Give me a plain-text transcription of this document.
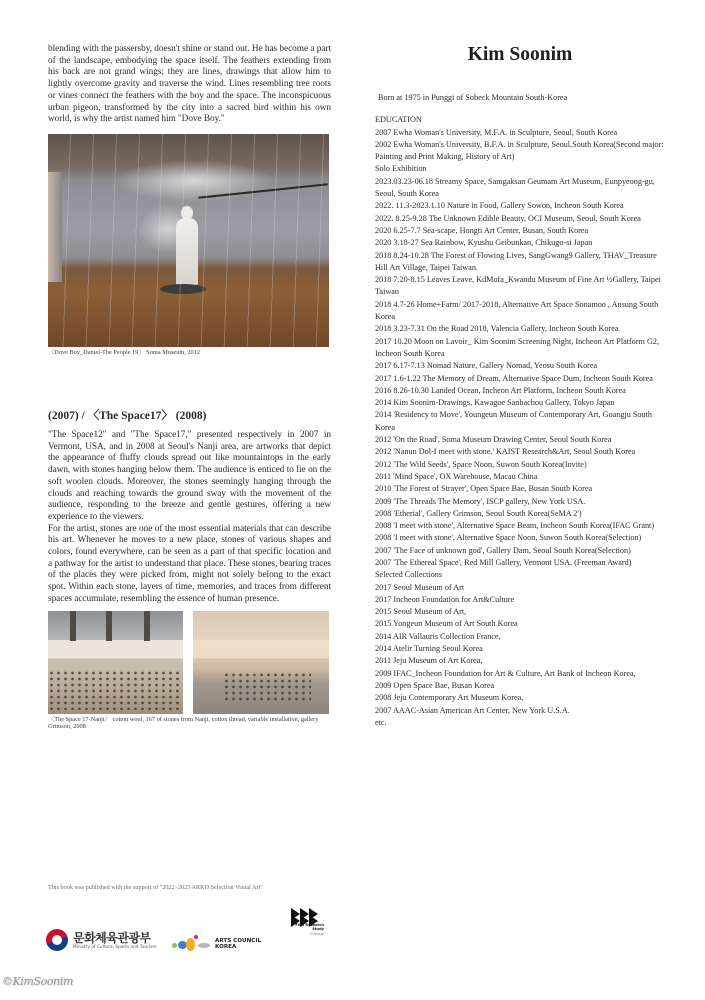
blending with the passersby, doesn't shine or stand out. He has become a part of the landscape, embodying the space itself. The feathers extending from his back are not grand wings; they are lines, drawings that allow him to lightly overcome gravity and traverse the wind. Lines resembling tree roots or vines connect the feathers with the boy and the space. The inconspicuous urban pigeon, transformed by the city into a sacred bird within his own world, is why the artist named him "Dove Boy."

〈Dove Boy_Daniel-The People 19〉 Soma Museum, 2012

(2007) / 〈The Space17〉 (2008)

"The Space12" and "The Space17," presented respectively in 2007 in Vermont, USA, and in 2008 at Seoul's Nanji area, are artworks that depict the appearance of fluffy clouds spread out like mountaintops in the early dawn, with stones hanging below them. The audience is enticed to lie on the soft woolen clouds. Moreover, the stones seemingly hanging through the clouds and reaching towards the ground sway with the movement of the audience, responding to the breeze and gentle gestures, offering a new experience to the viewers.

For the artist, stones are one of the most essential materials that can describe his art. Whenever he moves to a new place, stones of various shapes and colors, found everywhere, can be seen as a part of that specific location and a pathway for the artist to understand that place. These stones, bearing traces of the places they were picked from, might not solely belong to the exact spot. Within each stone, layers of time, memories, and traces from different spaces accumulate, resembling the essence of human presence.

〈The Space 17-Nanji〉 cotton wool, 167 of stones from Nanji, cotton thread, variable installation, gallery Grimson, 2008

This book was published with the support of "2022~2023 ARKO Selection Visual Art"

문화체육관광부
Ministry of Culture, Sports and Tourism
ARTS COUNCIL
KOREA
Film Research
Study
Critique
©KimSoonim
Kim Soonim

Born at 1975 in Punggi of Sobeck Mountain South-Korea

EDUCATION

2007 Ewha Woman's University, M.F.A. in Sculpture, Seoul, South Korea

2002 Ewha Woman's University, B.F.A. in Sculpture, Seoul,South Korea(Second major: Painting and Print Making, History of Art)

Solo Exhibition

2023.03.23-06.18 Streamy Space, Samgaksan Geumam Art Museum, Eunpyeong-gu, Seoul, South Korea

2022. 11.3-2023.1.10 Nature in Food, Gallery Sowon, Incheon South Korea

2022. 8.25-9.28 The Unknown Edible Beauty, OCI Museum, Seoul, South Korea

2020 6.25-7.7 Sea-scape, Hongti Art Center, Busan, South Korea

2020 3.18-27 Sea Rainbow, Kyushu Geibunkan, Chikugo-si Japan

2018 8.24-10.28 The Forest of Flowing Lives, SangGwang9 Gallery, THAV_Treasure Hill Art Village, Taipei Taiwan.

2018 7.20-8.15 Leaves Leave, KdMofa_Kwandu Museum of Fine Art ½Gallery, Taipei Taiwan

2018 4.7-26 Home+Farm/ 2017-2018, Alternative Art Space Sonamoo , Ansung South Korea

2018 3.23-7.31 On the Road 2018, Valencia Gallery, Incheon South Korea

2017 10.20 Moon on Lavoir_ Kim Soonim Screening Night, Incheon Art Platform G2, Incheon South Korea

2017 6.17-7.13 Nomad Nature, Gallery Nomad, Yeosu South Korea

2017 1.6-1.22 The Memory of Dream, Alternative Space Dum, Incheon South Korea

2016 8.26-10.30 Landed Ocean, Incheon Art Platform, Incheon South Korea

2014 Kim Soonim-Drawings, Kawagoe Sanbachou Gallery, Tokyo Japan

2014 'Residency to Move', Youngeun Museum of Contemporary Art, Goangju South Korea

2012 'On the Road', Soma Museum Drawing Center, Seoul South Korea

2012 'Nanun Dol-I meet with stone.' KAIST Research&Art, Seoul South Korea

2012 'The Wild Seeds', Space Noon, Suwon South Korea(Invite)

2011 'Mind Space', OX Warehouse, Macau China

2010 'The Forest of Strayer', Open Space Bae, Busan South Korea

2009 'The Threads The Memory', ISCP gallery, New York USA.

2008 'Etherial', Gallery Grimson, Seoul South Korea(SeMA 2')

2008 'I meet with stone', Alternative Space Beam, Incheon South Korea(IFAC Grant)

2008 'I meet with stone', Alternative Space Noon, Suwon South Korea(Selection)

2007 'The Face of unknown god', Gallery Dam, Seoul South Korea(Selection)

2007 'The Ethereal Space', Red Mill Gallery, Vermont USA. (Freeman Award)

Selected Collections

2017 Seoul Museum of Art

2017 Incheon Foundation for Art&Culture

2015 Seoul Museum of Art,

2015 Yongeun Museum of Art South Korea

2014 AIR Vallauris Collection France,

2014 Atelir Turning Seoul Korea

2011 Jeju Museum of Art Korea,

2009 IFAC_Incheon Foundation for Art & Culture, Art Bank of Incheon Korea,

2009 Open Space Bae, Busan Korea

2008 Jeju Contemporary Art Museum Korea,

2007 AAAC-Asian American Art Center, New York U.S.A.

etc.
